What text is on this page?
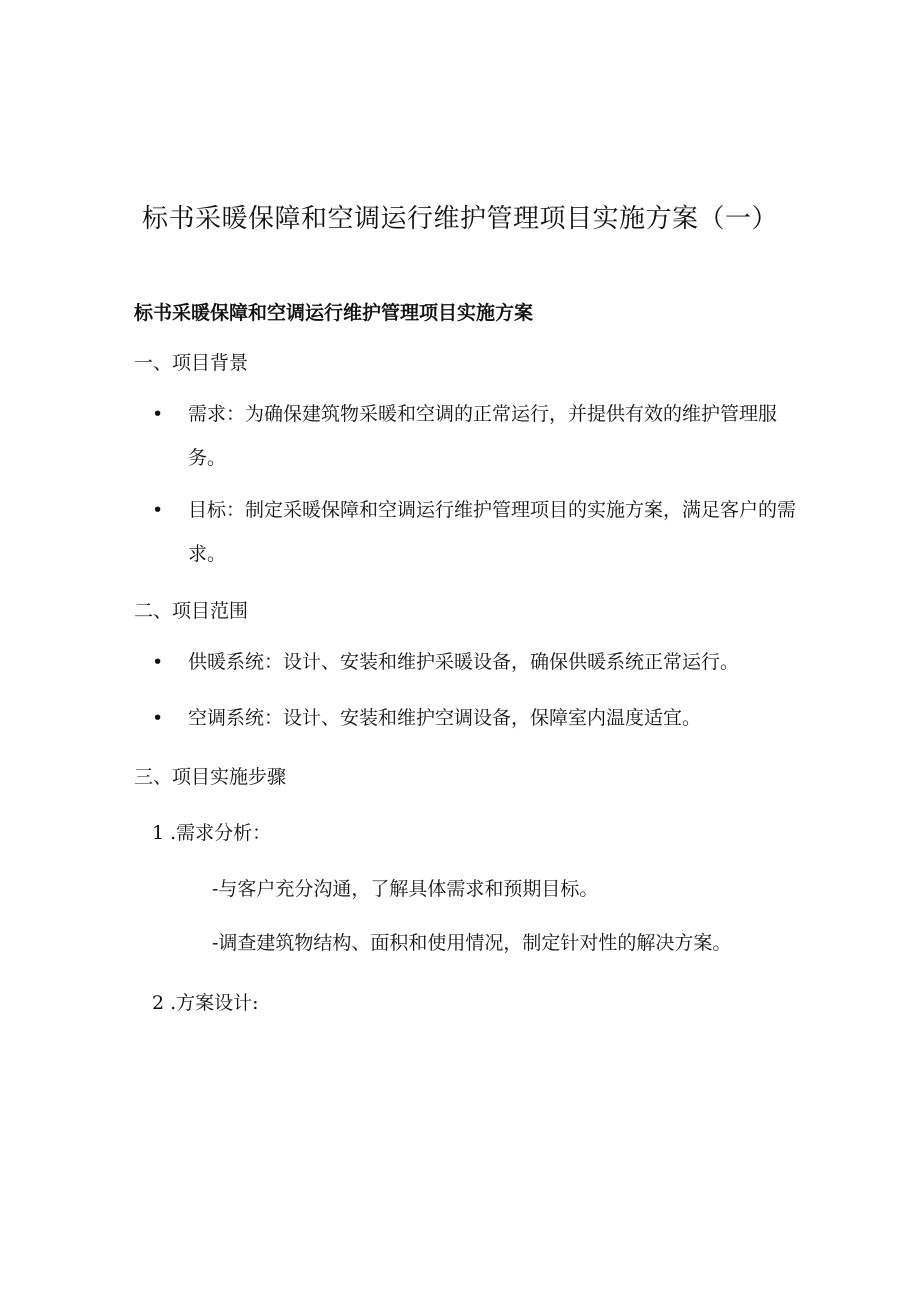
标书采暖保障和空调运行维护管理项目实施方案（一）
标书采暖保障和空调运行维护管理项目实施方案
一、项目背景
•	需求：为确保建筑物采暖和空调的正常运行，并提供有效的维护管理服务。
•	目标：制定采暖保障和空调运行维护管理项目的实施方案，满足客户的需求。
二、项目范围
•	供暖系统：设计、安装和维护采暖设备，确保供暖系统正常运行。
•	空调系统：设计、安装和维护空调设备，保障室内温度适宜。
三、项目实施步骤
1 .需求分析：

-与客户充分沟通，了解具体需求和预期目标。

-调查建筑物结构、面积和使用情况，制定针对性的解决方案。

2 .方案设计:
